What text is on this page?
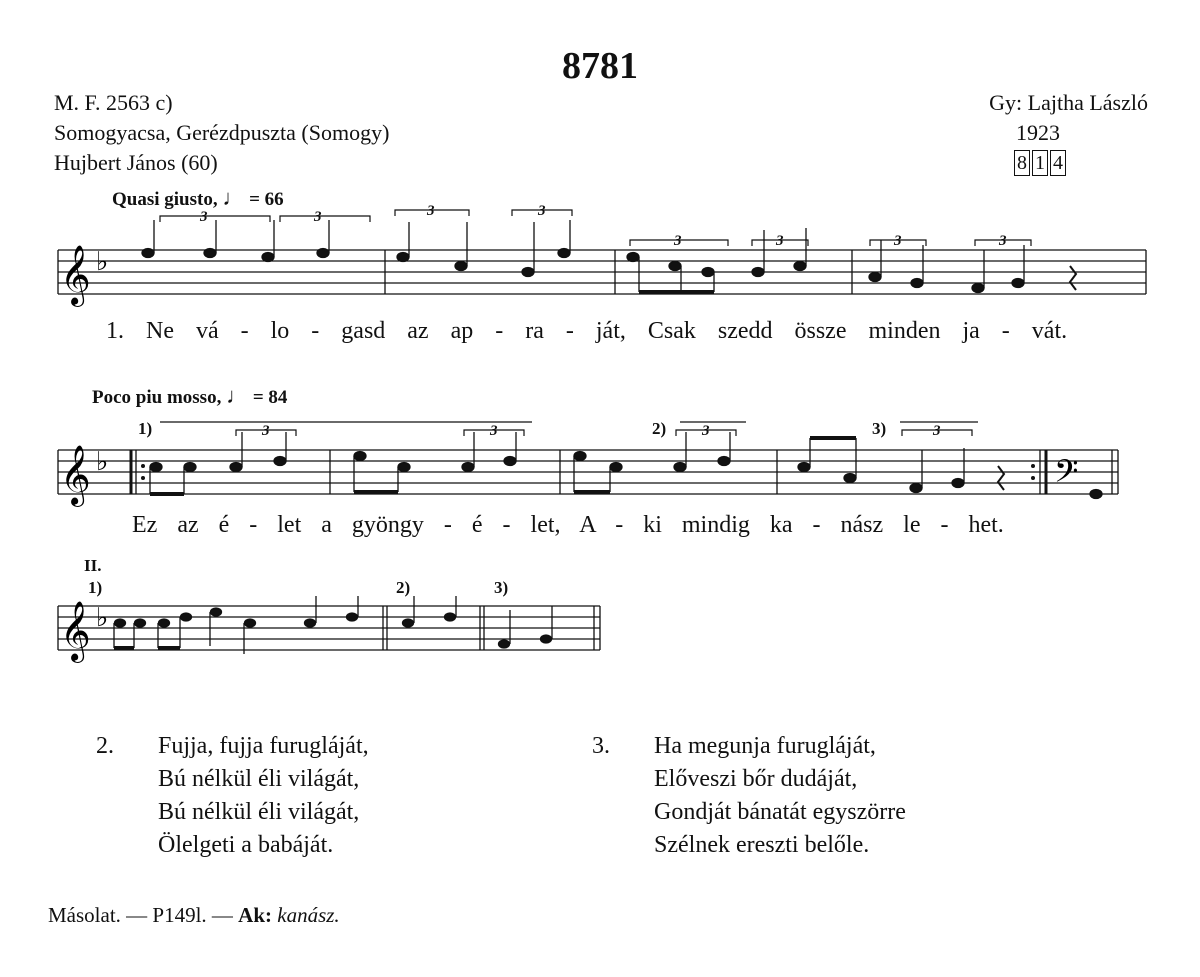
8781
M. F. 2563 c)
Somogyacsa, Gerézdpuszta (Somogy)
Hujbert János (60)
Gy: Lajtha László
1923
8 1 4
Quasi giusto, ♩ = 66
𝄞 ♭
3	3	3	3
3	3	3	3
1. Ne vá - lo - gasd az ap - ra - ját, Csak szedd össze minden ja - vát.
Poco piu mosso, ♩ = 84
𝄞 ♭	𝄢
3	3	3	3
1)	2)	3)
Ez az é - let a gyöngy - é - let, A - ki mindig ka - nász le - het.
II.
1)	2)	3)
𝄞 ♭
2. Fujja, fujja furugláját,
Bú nélkül éli világát,
Bú nélkül éli világát,
Ölelgeti a babáját.
3. Ha megunja furugláját,
Előveszi bőr dudáját,
Gondját bánatát egyszörre
Szélnek ereszti belőle.
Másolat. — P149l. — Ak: kanász.
